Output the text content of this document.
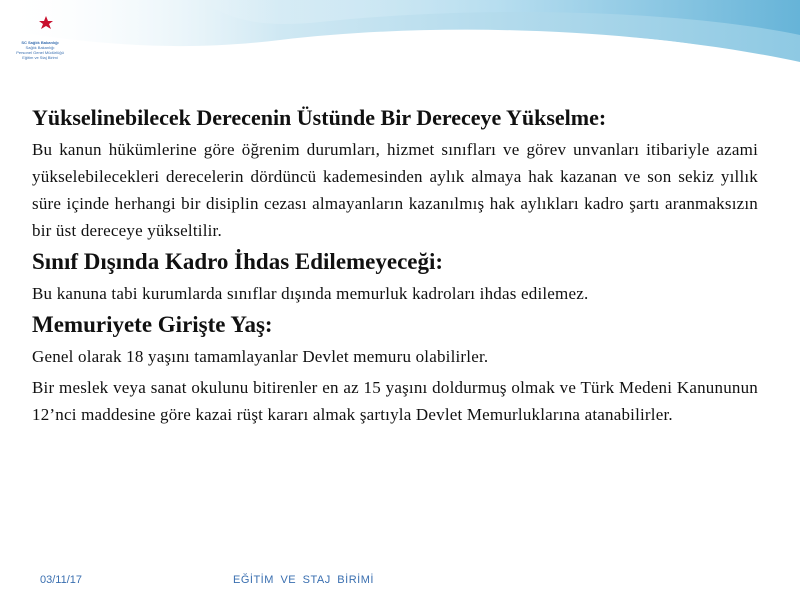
SC Sağlık Bakanlığı
Sağlık Bakanlığı
Personel Genel Müdürlüğü
Eğitim ve Staj Birimi
Yükselinebilecek Derecenin Üstünde Bir Dereceye Yükselme:

Bu kanun hükümlerine göre öğrenim durumları, hizmet sınıfları ve görev unvanları itibariyle azami yükselebilecekleri derecelerin dördüncü kademesinden aylık almaya hak kazanan ve son sekiz yıllık süre içinde herhangi bir disiplin cezası almayanların kazanılmış hak aylıkları kadro şartı aranmaksızın bir üst dereceye yükseltilir.

Sınıf Dışında Kadro İhdas Edilemeyeceği:

Bu kanuna tabi kurumlarda sınıflar dışında memurluk kadroları ihdas edilemez.

Memuriyete Girişte Yaş:

Genel olarak 18 yaşını tamamlayanlar Devlet memuru olabilirler.

Bir meslek veya sanat okulunu bitirenler en az 15 yaşını doldurmuş olmak ve Türk Medeni Kanununun 12’nci maddesine göre kazai rüşt kararı almak şartıyla Devlet Memurluklarına atanabilirler.

03/11/17	EĞİTİM VE STAJ BİRİMİ
